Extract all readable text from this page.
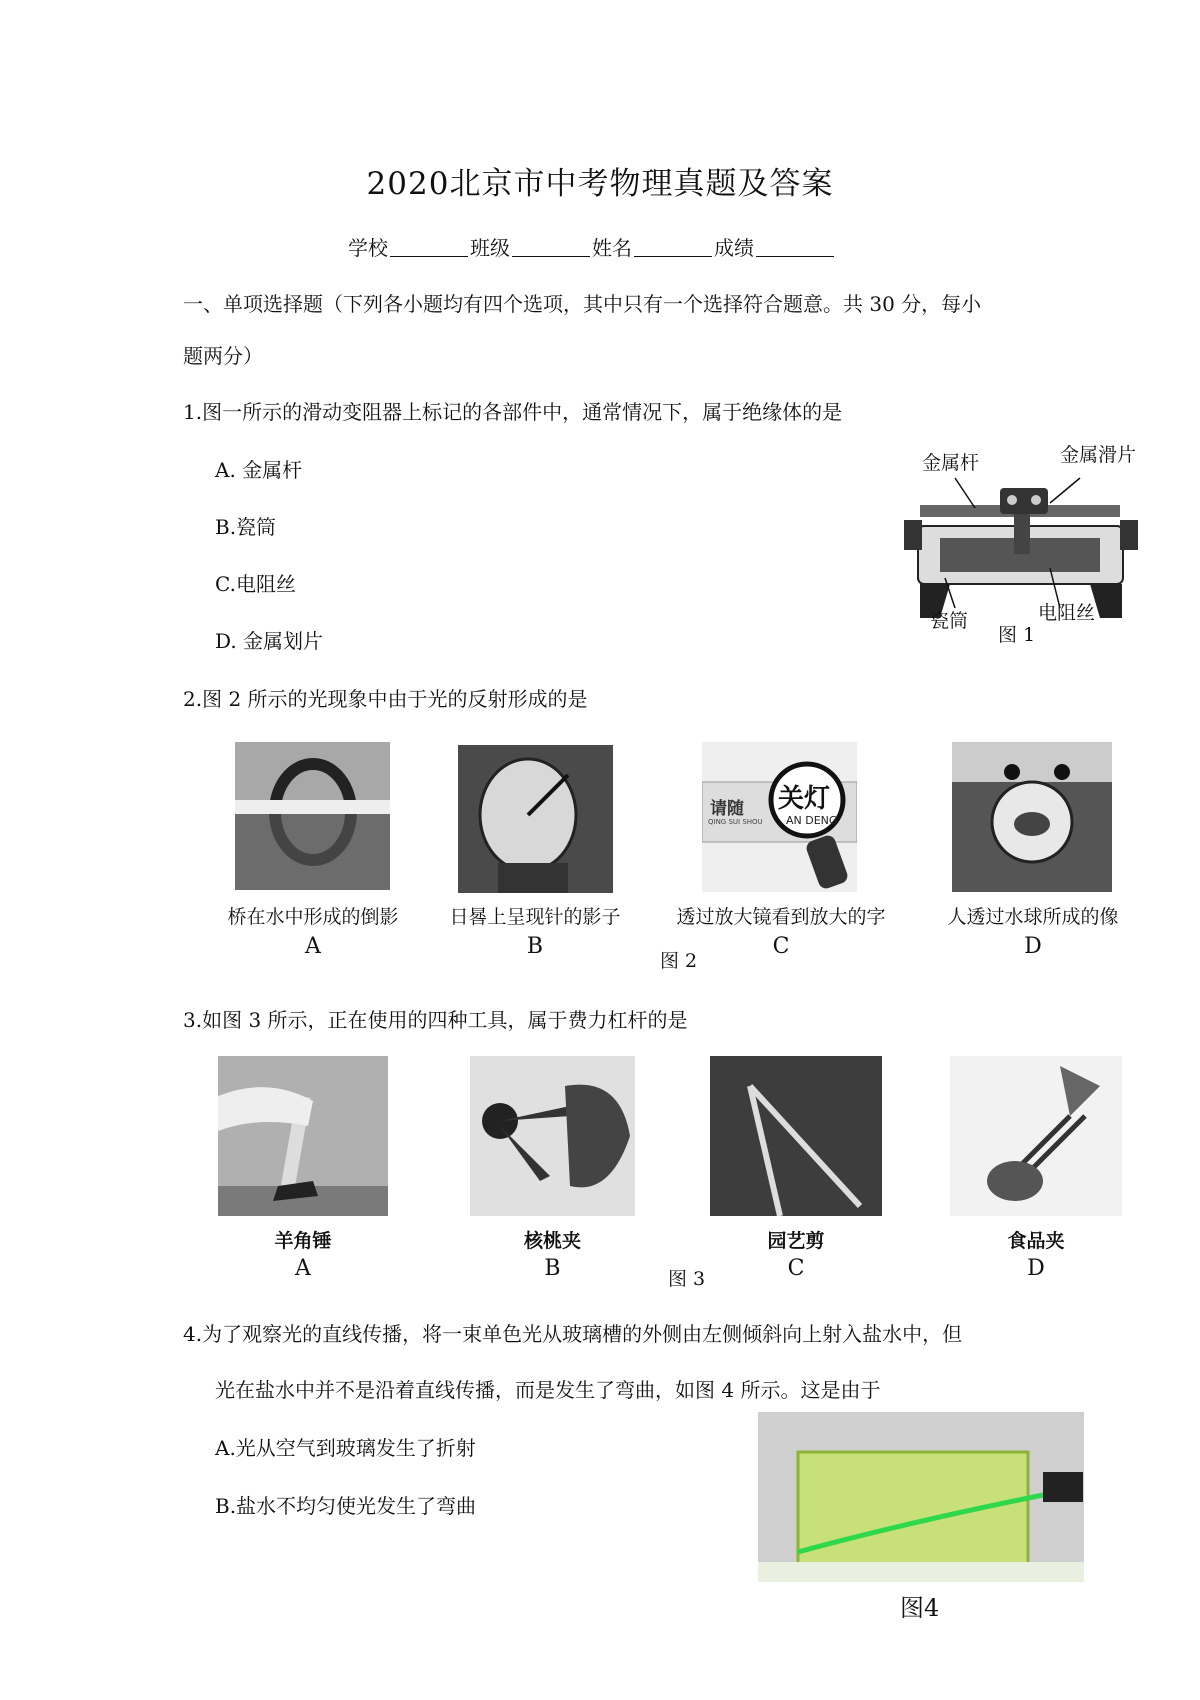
2020北京市中考物理真题及答案
学校	班级	姓名	成绩
一、单项选择题（下列各小题均有四个选项，其中只有一个选择符合题意。共 30 分，每小
题两分）
1.图一所示的滑动变阻器上标记的各部件中，通常情况下，属于绝缘体的是
A. 金属杆
B.瓷筒
C.电阻丝
D. 金属划片
金属杆	金属滑片
瓷筒	电阻丝
图 1
2.图 2 所示的光现象中由于光的反射形成的是
桥在水中形成的倒影
A
日晷上呈现针的影子
B
请随 关灯
QING SUI SHOU AN DENG
透过放大镜看到放大的字
C
人透过水球所成的像
D
图 2
3.如图 3 所示，正在使用的四种工具，属于费力杠杆的是
羊角锤
A
核桃夹
B
园艺剪
C
食品夹
D
图 3
4.为了观察光的直线传播，将一束单色光从玻璃槽的外侧由左侧倾斜向上射入盐水中，但
光在盐水中并不是沿着直线传播，而是发生了弯曲，如图 4 所示。这是由于
A.光从空气到玻璃发生了折射
B.盐水不均匀使光发生了弯曲
图4
